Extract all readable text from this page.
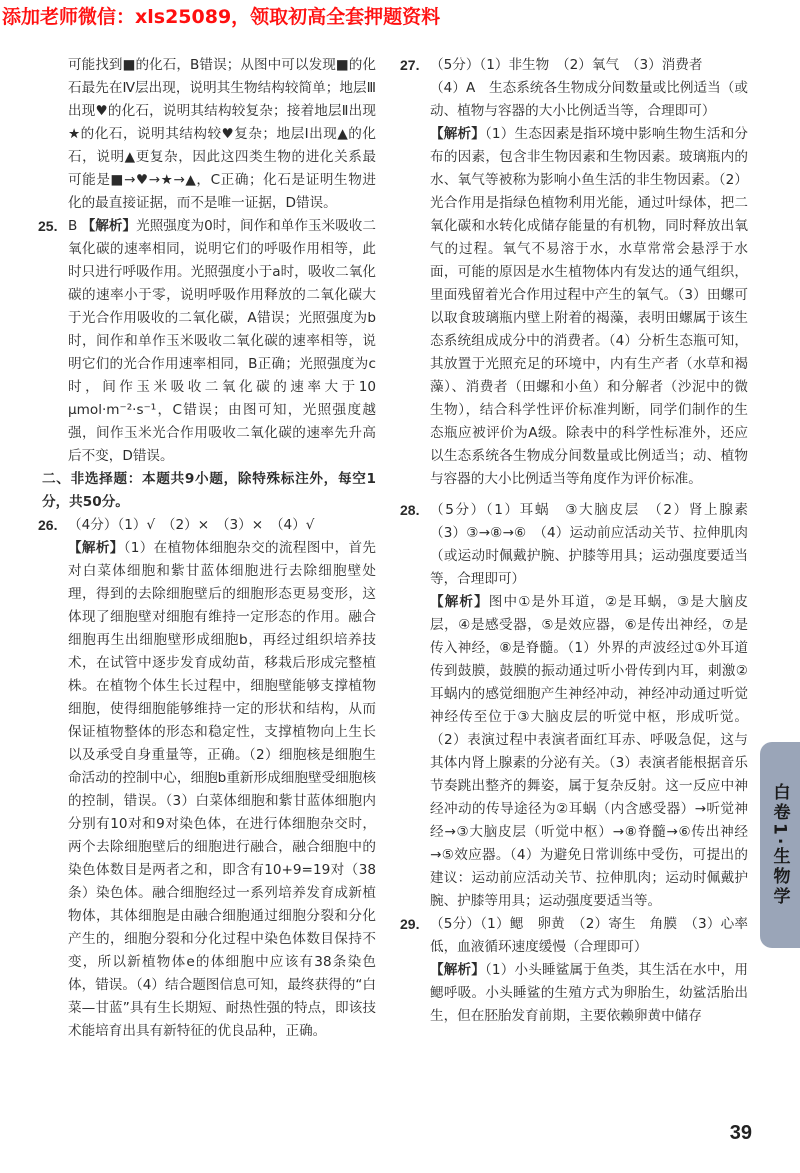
添加老师微信：xls25089，领取初高全套押题资料

可能找到■的化石，B错误；从图中可以发现■的化石最先在Ⅳ层出现，说明其生物结构较简单；地层Ⅲ出现♥的化石，说明其结构较复杂；接着地层Ⅱ出现★的化石，说明其结构较♥复杂；地层Ⅰ出现▲的化石，说明▲更复杂，因此这四类生物的进化关系最可能是■→♥→★→▲，C正确；化石是证明生物进化的最直接证据，而不是唯一证据，D错误。

25. B 【解析】光照强度为0时，间作和单作玉米吸收二氧化碳的速率相同，说明它们的呼吸作用相等，此时只进行呼吸作用。光照强度小于a时，吸收二氧化碳的速率小于零，说明呼吸作用释放的二氧化碳大于光合作用吸收的二氧化碳，A错误；光照强度为b时，间作和单作玉米吸收二氧化碳的速率相等，说明它们的光合作用速率相同，B正确；光照强度为c时，间作玉米吸收二氧化碳的速率大于10 μmol·m⁻²·s⁻¹，C错误；由图可知，光照强度越强，间作玉米光合作用吸收二氧化碳的速率先升高后不变，D错误。

二、非选择题：本题共9小题，除特殊标注外，每空1分，共50分。

26. （4分）（1）√　（2）×　（3）×　（4）√
【解析】（1）在植物体细胞杂交的流程图中，首先对白菜体细胞和紫甘蓝体细胞进行去除细胞壁处理，得到的去除细胞壁后的细胞形态更易变形，这体现了细胞壁对细胞有维持一定形态的作用。融合细胞再生出细胞壁形成细胞b，再经过组织培养技术，在试管中逐步发育成幼苗，移栽后形成完整植株。在植物个体生长过程中，细胞壁能够支撑植物细胞，使得细胞能够维持一定的形状和结构，从而保证植物整体的形态和稳定性，支撑植物向上生长以及承受自身重量等，正确。（2）细胞核是细胞生命活动的控制中心，细胞b重新形成细胞壁受细胞核的控制，错误。（3）白菜体细胞和紫甘蓝体细胞内分别有10对和9对染色体，在进行体细胞杂交时，两个去除细胞壁后的细胞进行融合，融合细胞中的染色体数目是两者之和，即含有10+9=19对（38条）染色体。融合细胞经过一系列培养发育成新植物体，其体细胞是由融合细胞通过细胞分裂和分化产生的，细胞分裂和分化过程中染色体数目保持不变，所以新植物体e的体细胞中应该有38条染色体，错误。（4）结合题图信息可知，最终获得的“白菜—甘蓝”具有生长期短、耐热性强的特点，即该技术能培育出具有新特征的优良品种，正确。
27. （5分）（1）非生物　（2）氧气　（3）消费者
（4）A　生态系统各生物成分间数量或比例适当（或动、植物与容器的大小比例适当等，合理即可）
【解析】（1）生态因素是指环境中影响生物生活和分布的因素，包含非生物因素和生物因素。玻璃瓶内的水、氧气等被称为影响小鱼生活的非生物因素。（2）光合作用是指绿色植物利用光能，通过叶绿体，把二氧化碳和水转化成储存能量的有机物，同时释放出氧气的过程。氧气不易溶于水，水草常常会悬浮于水面，可能的原因是水生植物体内有发达的通气组织，里面残留着光合作用过程中产生的氧气。（3）田螺可以取食玻璃瓶内壁上附着的褐藻，表明田螺属于该生态系统组成成分中的消费者。（4）分析生态瓶可知，其放置于光照充足的环境中，内有生产者（水草和褐藻）、消费者（田螺和小鱼）和分解者（沙泥中的微生物），结合科学性评价标准判断，同学们制作的生态瓶应被评价为A级。除表中的科学性标准外，还应以生态系统各生物成分间数量或比例适当；动、植物与容器的大小比例适当等角度作为评价标准。
28. （5分）（1）耳蜗　③大脑皮层　（2）肾上腺素　（3）③→⑧→⑥　（4）运动前应活动关节、拉伸肌肉（或运动时佩戴护腕、护膝等用具；运动强度要适当等，合理即可）
【解析】图中①是外耳道，②是耳蜗，③是大脑皮层，④是感受器，⑤是效应器，⑥是传出神经，⑦是传入神经，⑧是脊髓。（1）外界的声波经过①外耳道传到鼓膜，鼓膜的振动通过听小骨传到内耳，刺激②耳蜗内的感觉细胞产生神经冲动，神经冲动通过听觉神经传至位于③大脑皮层的听觉中枢，形成听觉。（2）表演过程中表演者面红耳赤、呼吸急促，这与其体内肾上腺素的分泌有关。（3）表演者能根据音乐节奏跳出整齐的舞姿，属于复杂反射。这一反应中神经冲动的传导途径为②耳蜗（内含感受器）→听觉神经→③大脑皮层（听觉中枢）→⑧脊髓→⑥传出神经→⑤效应器。（4）为避免日常训练中受伤，可提出的建议：运动前应活动关节、拉伸肌肉；运动时佩戴护腕、护膝等用具；运动强度要适当等。
29. （5分）（1）鳃　卵黄　（2）寄生　角膜　（3）心率低，血液循环速度缓慢（合理即可）
【解析】（1）小头睡鲨属于鱼类，其生活在水中，用鳃呼吸。小头睡鲨的生殖方式为卵胎生，幼鲨活胎出生，但在胚胎发育前期，主要依赖卵黄中储存
白卷1·生物学
39
